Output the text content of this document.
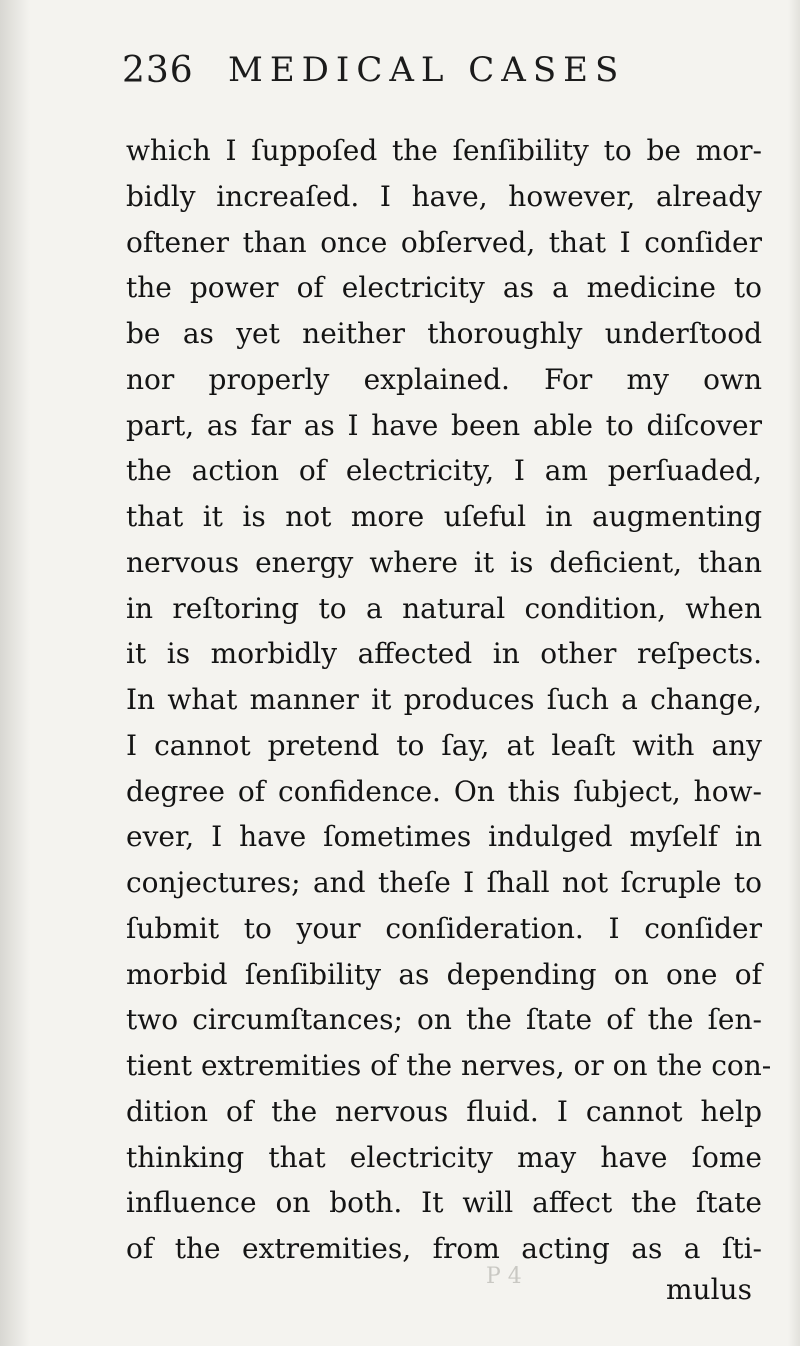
236 MEDICAL CASES
which I ſuppoſed the ſenſibility to be mor-
bidly increaſed. I have, however, already
oftener than once obſerved, that I conſider
the power of electricity as a medicine to
be as yet neither thoroughly underſtood
nor properly explained. For my own
part, as far as I have been able to diſcover
the action of electricity, I am perſuaded,
that it is not more uſeful in augmenting
nervous energy where it is deficient, than
in reſtoring to a natural condition, when
it is morbidly affected in other reſpects.
In what manner it produces ſuch a change,
I cannot pretend to ſay, at leaſt with any
degree of confidence. On this ſubject, how-
ever, I have ſometimes indulged myſelf in
conjectures; and theſe I ſhall not ſcruple to
ſubmit to your conſideration. I conſider
morbid ſenſibility as depending on one of
two circumſtances; on the ſtate of the ſen-
tient extremities of the nerves, or on the con-
dition of the nervous fluid. I cannot help
thinking that electricity may have ſome
influence on both. It will affect the ſtate
of the extremities, from acting as a ſti-
P 4	mulus
